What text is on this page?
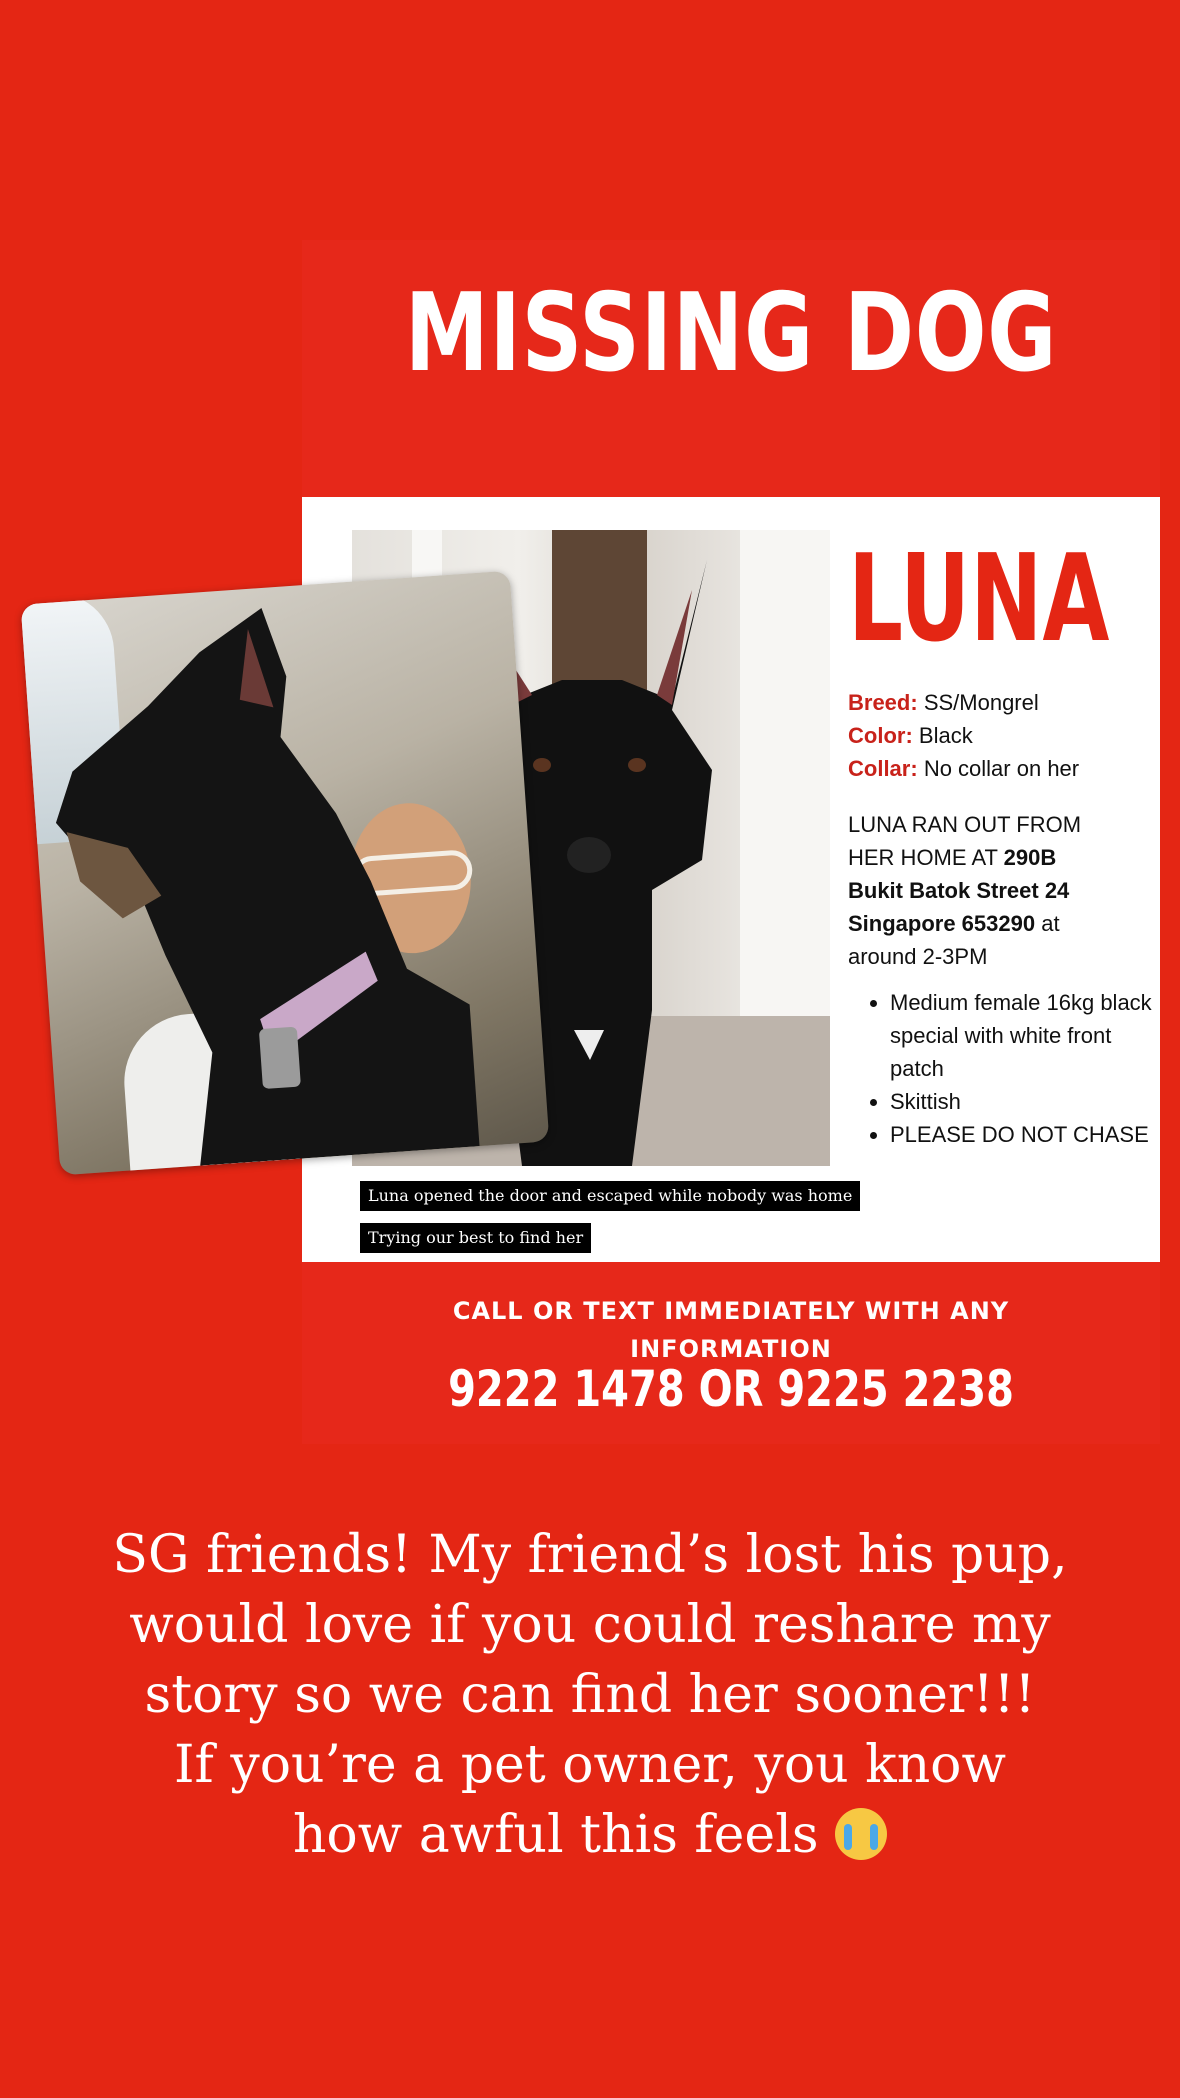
MISSING DOG
Luna opened the door and escaped while nobody was home
Trying our best to find her
LUNA
Breed: SS/Mongrel
Color: Black
Collar: No collar on her
LUNA RAN OUT FROM
HER HOME AT 290B
Bukit Batok Street 24
Singapore 653290 at
around 2-3PM
• Medium female 16kg black special with white front patch
• Skittish
• PLEASE DO NOT CHASE
CALL OR TEXT IMMEDIATELY WITH ANY
INFORMATION
9222 1478 OR 9225 2238
SG friends! My friend’s lost his pup,
would love if you could reshare my
story so we can find her sooner!!!
If you’re a pet owner, you know
how awful this feels
